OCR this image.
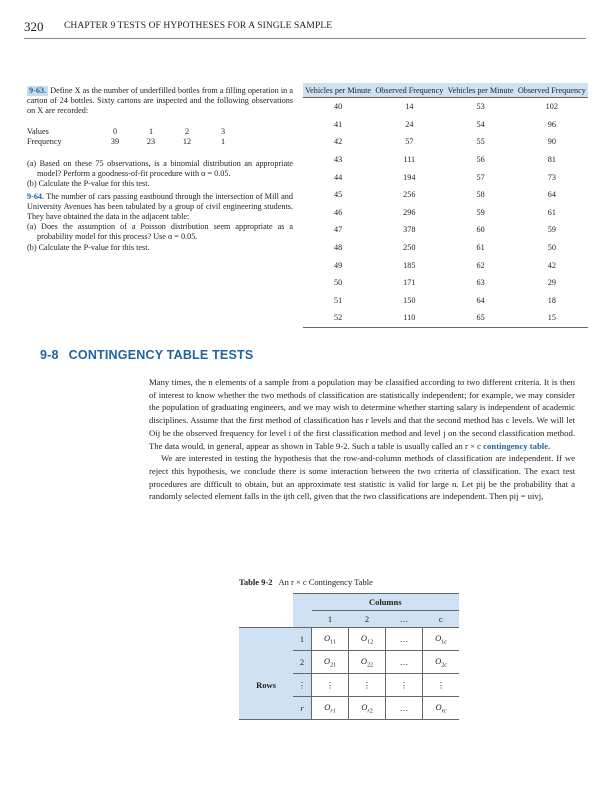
320 CHAPTER 9 TESTS OF HYPOTHESES FOR A SINGLE SAMPLE

9-63. Define X as the number of underfilled bottles from a filling operation in a carton of 24 bottles. Sixty cartons are inspected and the following observations on X are recorded:

Values	0	1	2	3
Frequency	39	23	12	1

(a) Based on these 75 observations, is a binomial distribution an appropriate model? Perform a goodness-of-fit procedure with α = 0.05.

(b) Calculate the P-value for this test.

9-64. The number of cars passing eastbound through the intersection of Mill and University Avenues has been tabulated by a group of civil engineering students. They have obtained the data in the adjacent table:

(a) Does the assumption of a Poisson distribution seem appropriate as a probability model for this process? Use α = 0.05.

(b) Calculate the P-value for this test.

Vehicles per Minute	Observed Frequency	Vehicles per Minute	Observed Frequency
40	14	53	102
41	24	54	96
42	57	55	90
43	111	56	81
44	194	57	73
45	256	58	64
46	296	59	61
47	378	60	59
48	250	61	50
49	185	62	42
50	171	63	29
51	150	64	18
52	110	65	15
9-8 CONTINGENCY TABLE TESTS

Many times, the n elements of a sample from a population may be classified according to two different criteria. It is then of interest to know whether the two methods of classification are statistically independent; for example, we may consider the population of graduating engineers, and we may wish to determine whether starting salary is independent of academic disciplines. Assume that the first method of classification has r levels and that the second method has c levels. We will let Oij be the observed frequency for level i of the first classification method and level j on the second classification method. The data would, in general, appear as shown in Table 9-2. Such a table is usually called an r × c contingency table.

We are interested in testing the hypothesis that the row-and-column methods of classification are independent. If we reject this hypothesis, we conclude there is some interaction between the two criteria of classification. The exact test procedures are difficult to obtain, but an approximate test statistic is valid for large n. Let pij be the probability that a randomly selected element falls in the ijth cell, given that the two classifications are independent. Then pij = uivj,

Table 9-2 An r × c Contingency Table
		Columns			
		1	2	…	c
	1	$O_{11}$	$O_{12}$	…	$O_{1c}$
	2	$O_{21}$	$O_{22}$	…	$O_{2c}$
Rows	⋮	⋮	⋮	⋮	⋮
	r	$O_{r1}$	$O_{r2}$	…	$O_{rc}$
